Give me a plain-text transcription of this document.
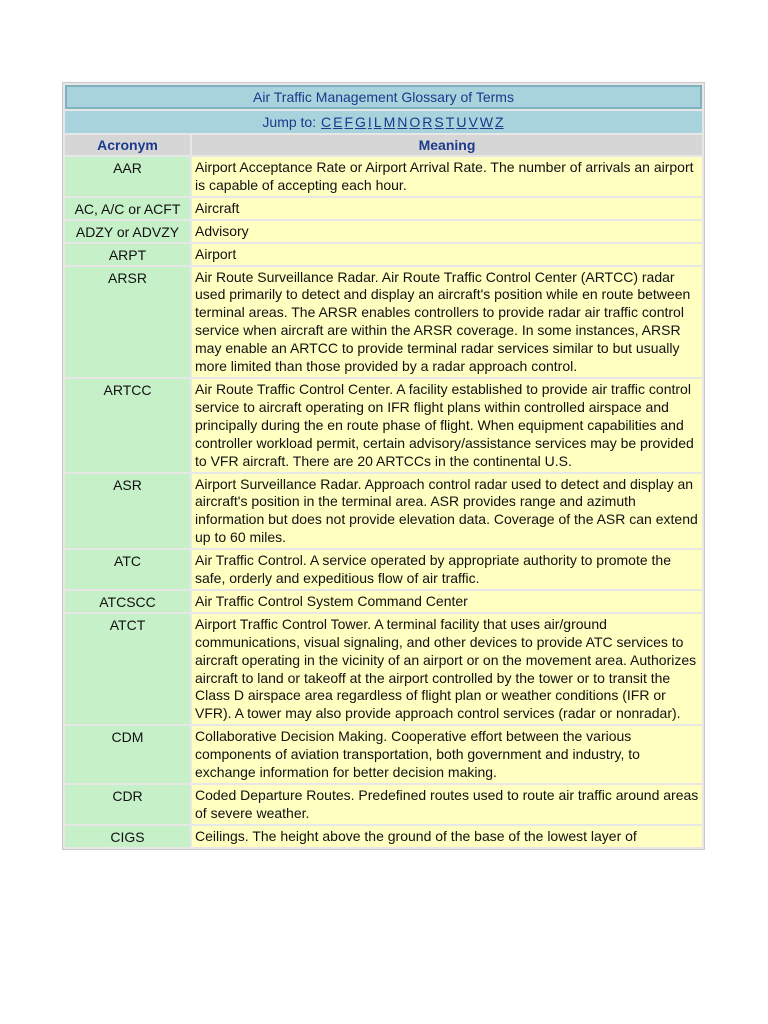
Air Traffic Management Glossary of Terms	
Jump to: C E F G I L M N O R S T U V W Z	
Acronym	Meaning
AAR	Airport Acceptance Rate or Airport Arrival Rate. The number of arrivals an airport is capable of accepting each hour.
AC, A/C or ACFT	Aircraft
ADZY or ADVZY	Advisory
ARPT	Airport
ARSR	Air Route Surveillance Radar. Air Route Traffic Control Center (ARTCC) radar used primarily to detect and display an aircraft's position while en route between terminal areas. The ARSR enables controllers to provide radar air traffic control service when aircraft are within the ARSR coverage. In some instances, ARSR may enable an ARTCC to provide terminal radar services similar to but usually more limited than those provided by a radar approach control.
ARTCC	Air Route Traffic Control Center. A facility established to provide air traffic control service to aircraft operating on IFR flight plans within controlled airspace and principally during the en route phase of flight. When equipment capabilities and controller workload permit, certain advisory/assistance services may be provided to VFR aircraft. There are 20 ARTCCs in the continental U.S.
ASR	Airport Surveillance Radar. Approach control radar used to detect and display an aircraft's position in the terminal area. ASR provides range and azimuth information but does not provide elevation data. Coverage of the ASR can extend up to 60 miles.
ATC	Air Traffic Control. A service operated by appropriate authority to promote the safe, orderly and expeditious flow of air traffic.
ATCSCC	Air Traffic Control System Command Center
ATCT	Airport Traffic Control Tower. A terminal facility that uses air/ground communications, visual signaling, and other devices to provide ATC services to aircraft operating in the vicinity of an airport or on the movement area. Authorizes aircraft to land or takeoff at the airport controlled by the tower or to transit the Class D airspace area regardless of flight plan or weather conditions (IFR or VFR). A tower may also provide approach control services (radar or nonradar).
CDM	Collaborative Decision Making. Cooperative effort between the various components of aviation transportation, both government and industry, to exchange information for better decision making.
CDR	Coded Departure Routes. Predefined routes used to route air traffic around areas of severe weather.
CIGS	Ceilings. The height above the ground of the base of the lowest layer of
